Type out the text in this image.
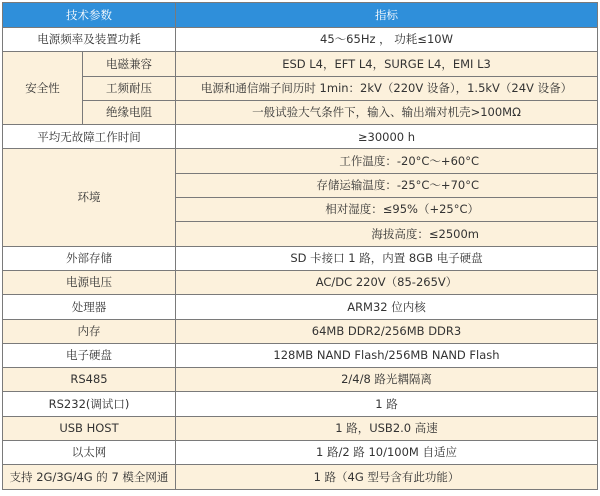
技术参数		指标
电源频率及装置功耗		45～65Hz ， 功耗≤10W
安全性	电磁兼容	ESD L4，EFT L4，SURGE L4，EMI L3
	工频耐压	电源和通信端子间历时 1min：2kV（220V 设备），1.5kV（24V 设备）
	绝缘电阻	一般试验大气条件下，输入、输出端对机壳>100MΩ
平均无故障工作时间		≥30000 h
环境		工作温度：-20°C～+60°C
		存储运输温度：-25°C～+70°C
		相对湿度：≤95%（+25°C）
		海拔高度：≤2500m
外部存储		SD 卡接口 1 路，内置 8GB 电子硬盘
电源电压		AC/DC 220V（85-265V）
处理器		ARM32 位内核
内存		64MB DDR2/256MB DDR3
电子硬盘		128MB NAND Flash/256MB NAND Flash
RS485		2/4/8 路光耦隔离
RS232(调试口)		1 路
USB HOST		1 路，USB2.0 高速
以太网		1 路/2 路 10/100M 自适应
支持 2G/3G/4G 的 7 模全网通		1 路（4G 型号含有此功能）
